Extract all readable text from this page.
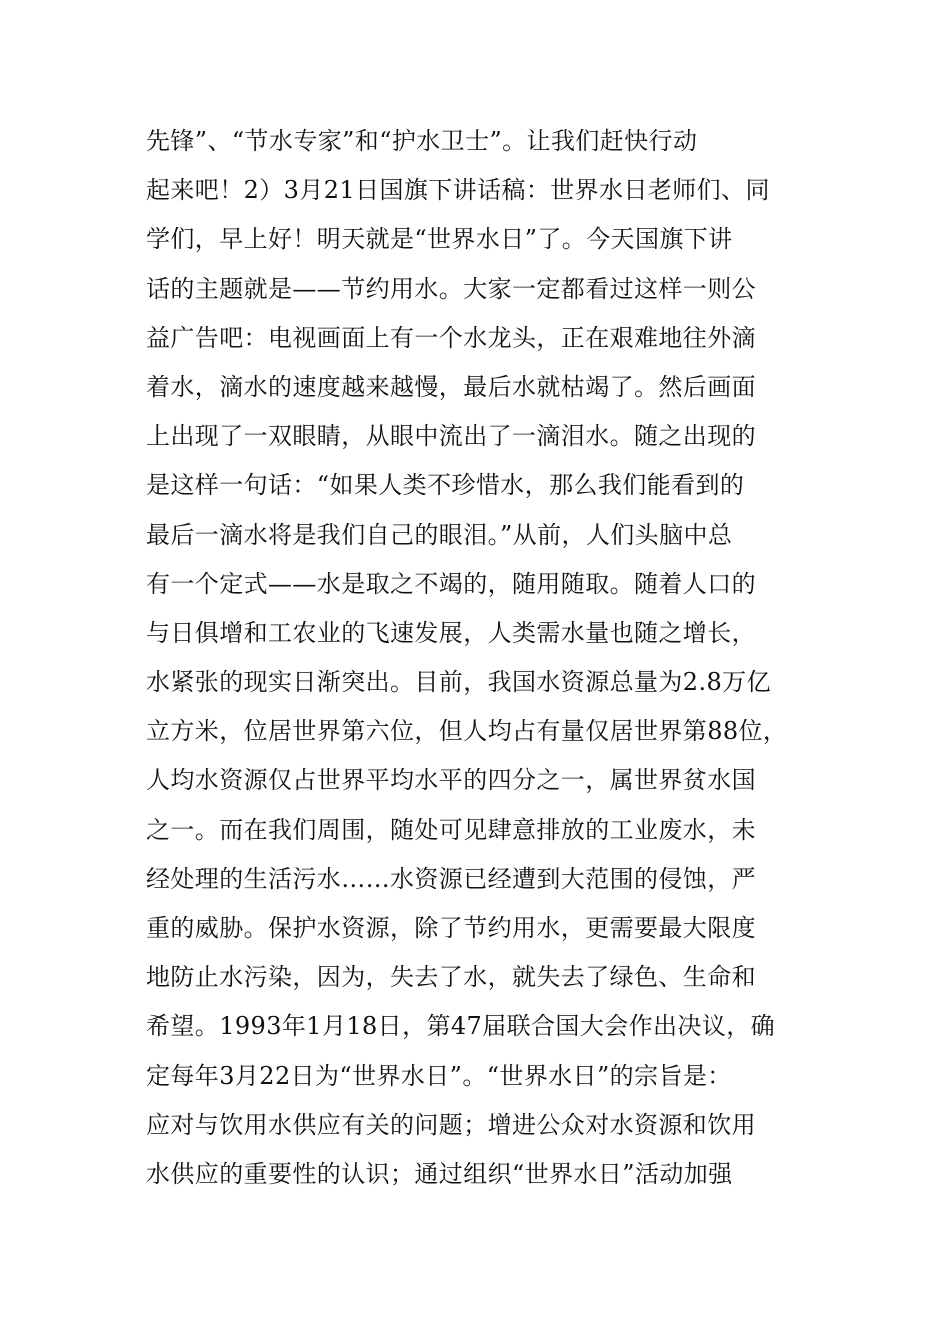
先锋”、“节水专家”和“护水卫士”。让我们赶快行动
起来吧！2）3月21日国旗下讲话稿：世界水日老师们、同
学们，早上好！明天就是“世界水日”了。今天国旗下讲
话的主题就是——节约用水。大家一定都看过这样一则公
益广告吧：电视画面上有一个水龙头，正在艰难地往外滴
着水，滴水的速度越来越慢，最后水就枯竭了。然后画面
上出现了一双眼睛，从眼中流出了一滴泪水。随之出现的
是这样一句话：“如果人类不珍惜水，那么我们能看到的
最后一滴水将是我们自己的眼泪。”从前，人们头脑中总
有一个定式——水是取之不竭的，随用随取。随着人口的
与日俱增和工农业的飞速发展，人类需水量也随之增长，
水紧张的现实日渐突出。目前，我国水资源总量为2.8万亿
立方米，位居世界第六位，但人均占有量仅居世界第88位，
人均水资源仅占世界平均水平的四分之一，属世界贫水国
之一。而在我们周围，随处可见肆意排放的工业废水，未
经处理的生活污水……水资源已经遭到大范围的侵蚀，严
重的威胁。保护水资源，除了节约用水，更需要最大限度
地防止水污染，因为，失去了水，就失去了绿色、生命和
希望。1993年1月18日，第47届联合国大会作出决议，确
定每年3月22日为“世界水日”。“世界水日”的宗旨是：
应对与饮用水供应有关的问题；增进公众对水资源和饮用
水供应的重要性的认识；通过组织“世界水日”活动加强
